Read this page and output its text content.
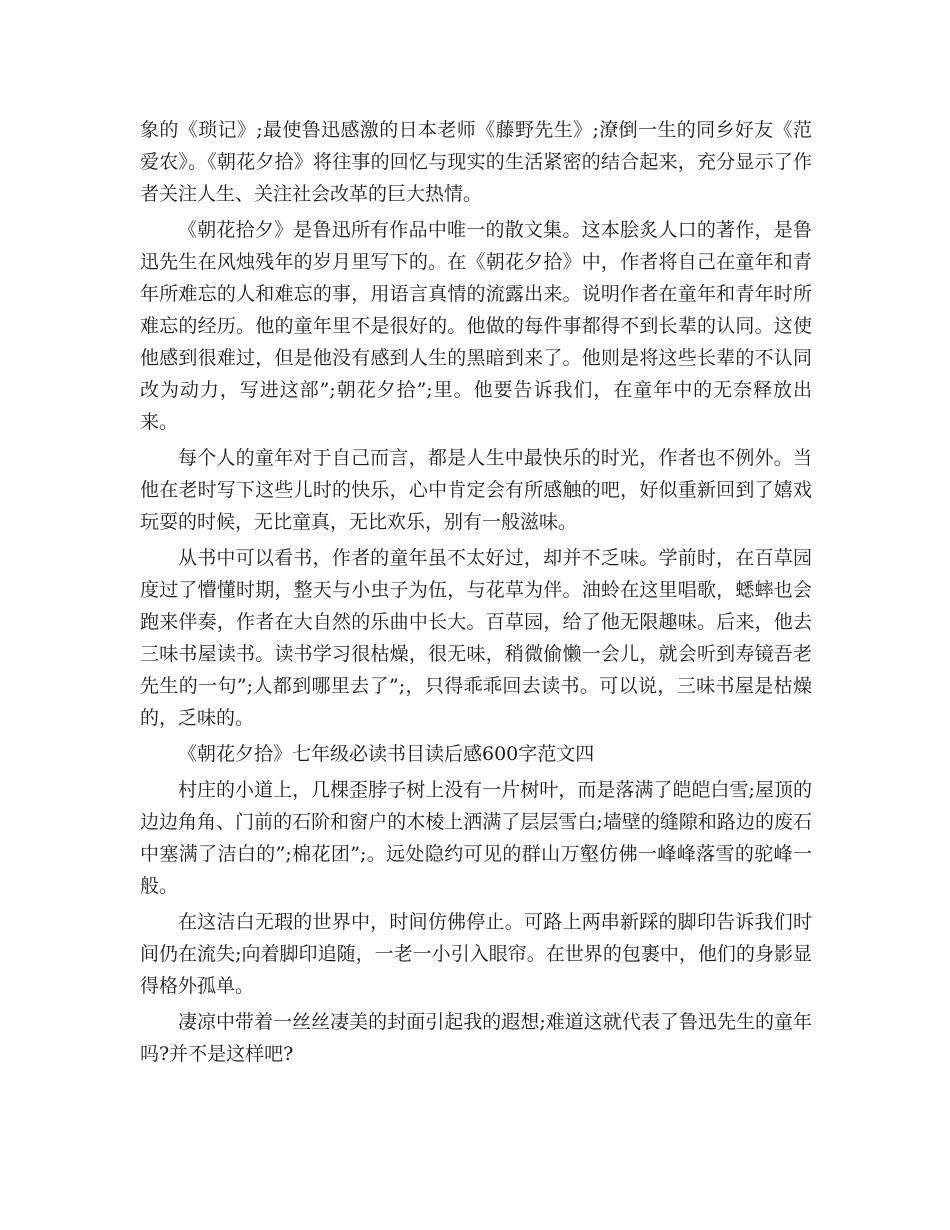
象的《琐记》;最使鲁迅感激的日本老师《藤野先生》;潦倒一生的同乡好友《范爱农》。《朝花夕拾》将往事的回忆与现实的生活紧密的结合起来，充分显示了作者关注人生、关注社会改革的巨大热情。

《朝花拾夕》是鲁迅所有作品中唯一的散文集。这本脍炙人口的著作，是鲁迅先生在风烛残年的岁月里写下的。在《朝花夕拾》中，作者将自己在童年和青年所难忘的人和难忘的事，用语言真情的流露出来。说明作者在童年和青年时所难忘的经历。他的童年里不是很好的。他做的每件事都得不到长辈的认同。这使他感到很难过，但是他没有感到人生的黑暗到来了。他则是将这些长辈的不认同改为动力，写进这部”;朝花夕拾”;里。他要告诉我们，在童年中的无奈释放出来。

每个人的童年对于自己而言，都是人生中最快乐的时光，作者也不例外。当他在老时写下这些儿时的快乐，心中肯定会有所感触的吧，好似重新回到了嬉戏玩耍的时候，无比童真，无比欢乐，别有一般滋味。

从书中可以看书，作者的童年虽不太好过，却并不乏味。学前时，在百草园度过了懵懂时期，整天与小虫子为伍，与花草为伴。油蛉在这里唱歌，蟋蟀也会跑来伴奏，作者在大自然的乐曲中长大。百草园，给了他无限趣味。后来，他去三味书屋读书。读书学习很枯燥，很无味，稍微偷懒一会儿，就会听到寿镜吾老先生的一句”;人都到哪里去了”;，只得乖乖回去读书。可以说，三味书屋是枯燥的，乏味的。

《朝花夕拾》七年级必读书目读后感600字范文四

村庄的小道上，几棵歪脖子树上没有一片树叶，而是落满了皑皑白雪;屋顶的边边角角、门前的石阶和窗户的木棱上洒满了层层雪白;墙壁的缝隙和路边的废石中塞满了洁白的”;棉花团”;。远处隐约可见的群山万壑仿佛一峰峰落雪的驼峰一般。

在这洁白无瑕的世界中，时间仿佛停止。可路上两串新踩的脚印告诉我们时间仍在流失;向着脚印追随，一老一小引入眼帘。在世界的包裹中，他们的身影显得格外孤单。

凄凉中带着一丝丝凄美的封面引起我的遐想;难道这就代表了鲁迅先生的童年吗?并不是这样吧?
